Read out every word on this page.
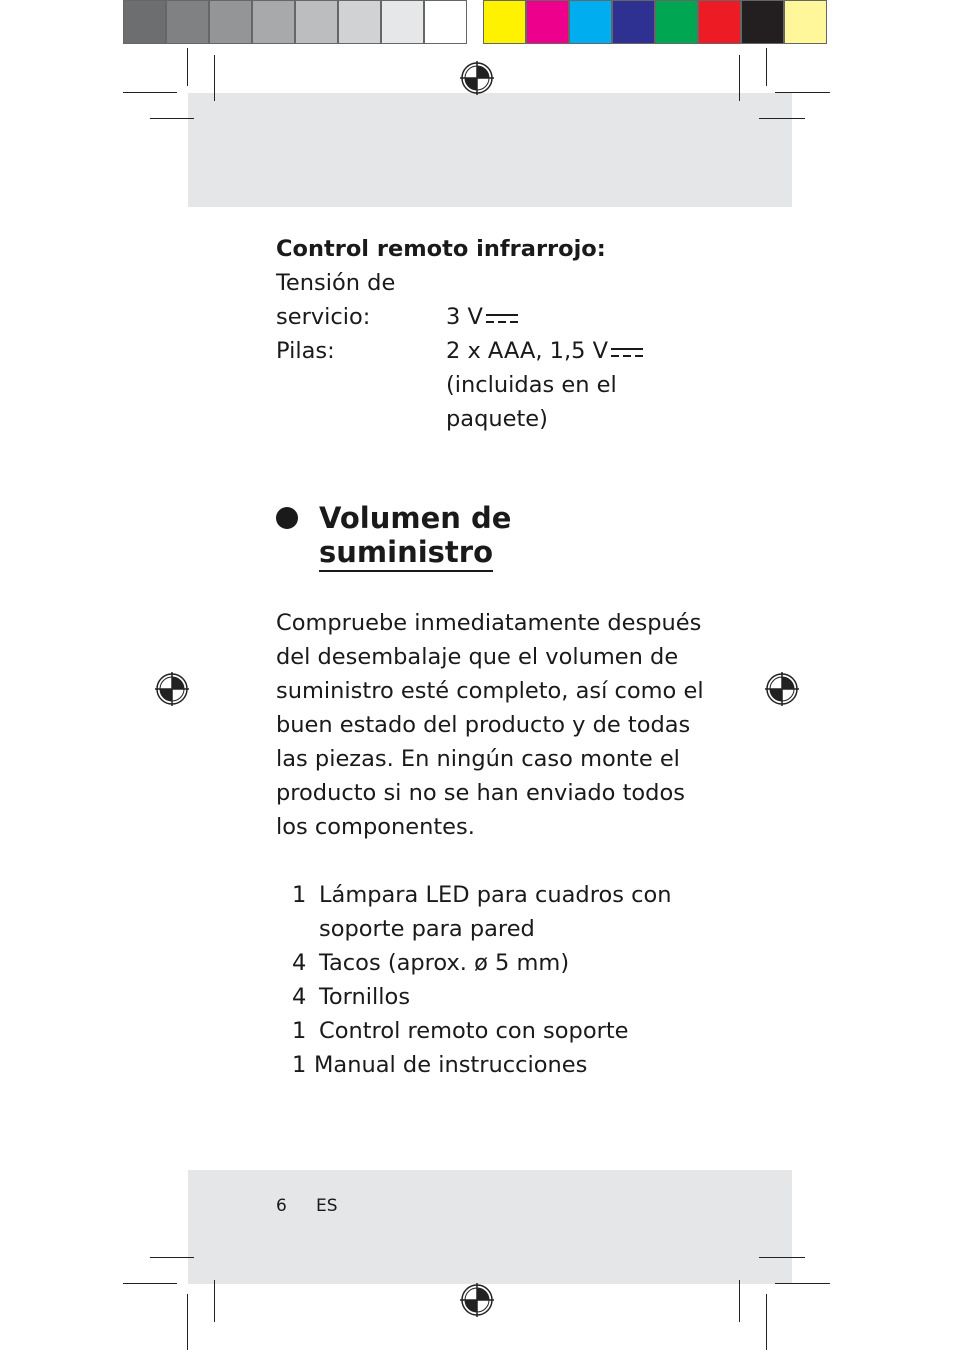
Control remoto infrarrojo:
Tensión de
servicio:	3 V
Pilas:	2 x AAA, 1,5 V
(incluidas en el
paquete)
Volumen de
suministro
Compruebe inmediatamente después
del desembalaje que el volumen de
suministro esté completo, así como el
buen estado del producto y de todas
las piezas. En ningún caso monte el
producto si no se han enviado todos
los componentes.
1 Lámpara LED para cuadros con
soporte para pared
4 Tacos (aprox. ø 5 mm)
4 Tornillos
1 Control remoto con soporte
1 Manual de instrucciones
6 ES
